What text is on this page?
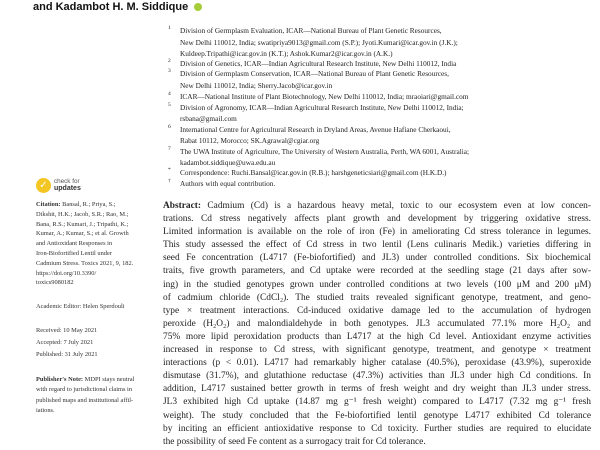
and Kadambot H. M. Siddique
1 Division of Germplasm Evaluation, ICAR—National Bureau of Plant Genetic Resources,
New Delhi 110012, India; swatipriya9013@gmail.com (S.P.); Jyoti.Kumari@icar.gov.in (J.K.);
Kuldeep.Tripathi@icar.gov.in (K.T.); Ashok.Kumar2@icar.gov.in (A.K.)
2 Division of Genetics, ICAR—Indian Agricultural Research Institute, New Delhi 110012, India
3 Division of Germplasm Conservation, ICAR—National Bureau of Plant Genetic Resources,
New Delhi 110012, India; Sherry.Jacob@icar.gov.in
4 ICAR—National Institute of Plant Biotechnology, New Delhi 110012, India; mraoiari@gmail.com
5 Division of Agronomy, ICAR—Indian Agricultural Research Institute, New Delhi 110012, India;
rsbana@gmail.com
6 International Centre for Agricultural Research in Dryland Areas, Avenue Hafiane Cherkaoui,
Rabat 10112, Morocco; SK.Agrawal@cgiar.org
7 The UWA Institute of Agriculture, The University of Western Australia, Perth, WA 6001, Australia;
kadambot.siddique@uwa.edu.au
* Correspondence: Ruchi.Bansal@icar.gov.in (R.B.); harshgeneticsiari@gmail.com (H.K.D.)
† Authors with equal contribution.
Abstract: Cadmium (Cd) is a hazardous heavy metal, toxic to our ecosystem even at low concen-
trations. Cd stress negatively affects plant growth and development by triggering oxidative stress.
Limited information is available on the role of iron (Fe) in ameliorating Cd stress tolerance in legumes.
This study assessed the effect of Cd stress in two lentil (Lens culinaris Medik.) varieties differing in
seed Fe concentration (L4717 (Fe-biofortified) and JL3) under controlled conditions. Six biochemical
traits, five growth parameters, and Cd uptake were recorded at the seedling stage (21 days after sow-
ing) in the studied genotypes grown under controlled conditions at two levels (100 μM and 200 μM)
of cadmium chloride (CdCl₂). The studied traits revealed significant genotype, treatment, and geno-
type × treatment interactions. Cd-induced oxidative damage led to the accumulation of hydrogen
peroxide (H₂O₂) and malondialdehyde in both genotypes. JL3 accumulated 77.1% more H₂O₂ and
75% more lipid peroxidation products than L4717 at the high Cd level. Antioxidant enzyme activities
increased in response to Cd stress, with significant genotype, treatment, and genotype × treatment
interactions (p < 0.01). L4717 had remarkably higher catalase (40.5%), peroxidase (43.9%), superoxide
dismutase (31.7%), and glutathione reductase (47.3%) activities than JL3 under high Cd conditions. In
addition, L4717 sustained better growth in terms of fresh weight and dry weight than JL3 under stress.
JL3 exhibited high Cd uptake (14.87 mg g⁻¹ fresh weight) compared to L4717 (7.32 mg g⁻¹ fresh
weight). The study concluded that the Fe-biofortified lentil genotype L4717 exhibited Cd tolerance
by inciting an efficient antioxidative response to Cd toxicity. Further studies are required to elucidate
the possibility of seed Fe content as a surrogacy trait for Cd tolerance.
✓	check for
updates
Citation: Bansal, R.; Priya, S.;
Dikshit, H.K.; Jacob, S.R.; Rao, M.;
Bana, R.S.; Kumari, J.; Tripathi, K.;
Kumar, A.; Kumar, S.; et al. Growth
and Antioxidant Responses in
Iron-Biofortified Lentil under
Cadmium Stress. Toxics 2021, 9, 182.
https://doi.org/10.3390/
toxics9080182
Academic Editor: Helen Sperdouli
Received: 10 May 2021
Accepted: 7 July 2021
Published: 31 July 2021
Publisher's Note: MDPI stays neutral
with regard to jurisdictional claims in
published maps and institutional affil-
iations.
